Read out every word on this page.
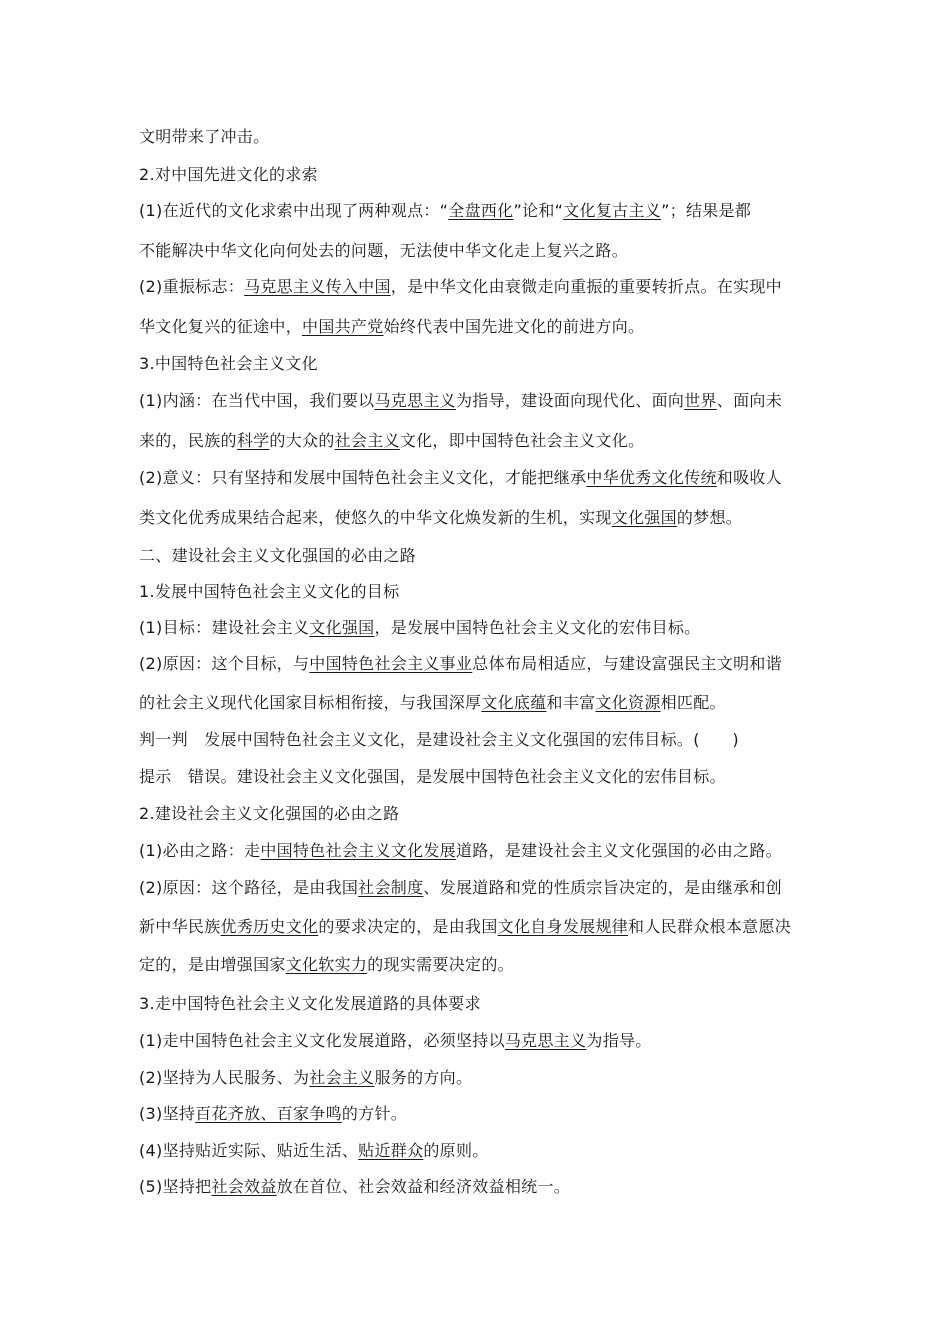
文明带来了冲击。
2.对中国先进文化的求索
(1)在近代的文化求索中出现了两种观点：“全盘西化”论和“文化复古主义”；结果是都
不能解决中华文化向何处去的问题，无法使中华文化走上复兴之路。
(2)重振标志：马克思主义传入中国，是中华文化由衰微走向重振的重要转折点。在实现中
华文化复兴的征途中，中国共产党始终代表中国先进文化的前进方向。
3.中国特色社会主义文化
(1)内涵：在当代中国，我们要以马克思主义为指导，建设面向现代化、面向世界、面向未
来的，民族的科学的大众的社会主义文化，即中国特色社会主义文化。
(2)意义：只有坚持和发展中国特色社会主义文化，才能把继承中华优秀文化传统和吸收人
类文化优秀成果结合起来，使悠久的中华文化焕发新的生机，实现文化强国的梦想。
二、建设社会主义文化强国的必由之路
1.发展中国特色社会主义文化的目标
(1)目标：建设社会主义文化强国，是发展中国特色社会主义文化的宏伟目标。
(2)原因：这个目标，与中国特色社会主义事业总体布局相适应，与建设富强民主文明和谐
的社会主义现代化国家目标相衔接，与我国深厚文化底蕴和丰富文化资源相匹配。
判一判　发展中国特色社会主义文化，是建设社会主义文化强国的宏伟目标。(　　)
提示　错误。建设社会主义文化强国，是发展中国特色社会主义文化的宏伟目标。
2.建设社会主义文化强国的必由之路
(1)必由之路：走中国特色社会主义文化发展道路，是建设社会主义文化强国的必由之路。
(2)原因：这个路径，是由我国社会制度、发展道路和党的性质宗旨决定的，是由继承和创
新中华民族优秀历史文化的要求决定的，是由我国文化自身发展规律和人民群众根本意愿决
定的，是由增强国家文化软实力的现实需要决定的。
3.走中国特色社会主义文化发展道路的具体要求
(1)走中国特色社会主义文化发展道路，必须坚持以马克思主义为指导。
(2)坚持为人民服务、为社会主义服务的方向。
(3)坚持百花齐放、百家争鸣的方针。
(4)坚持贴近实际、贴近生活、贴近群众的原则。
(5)坚持把社会效益放在首位、社会效益和经济效益相统一。
